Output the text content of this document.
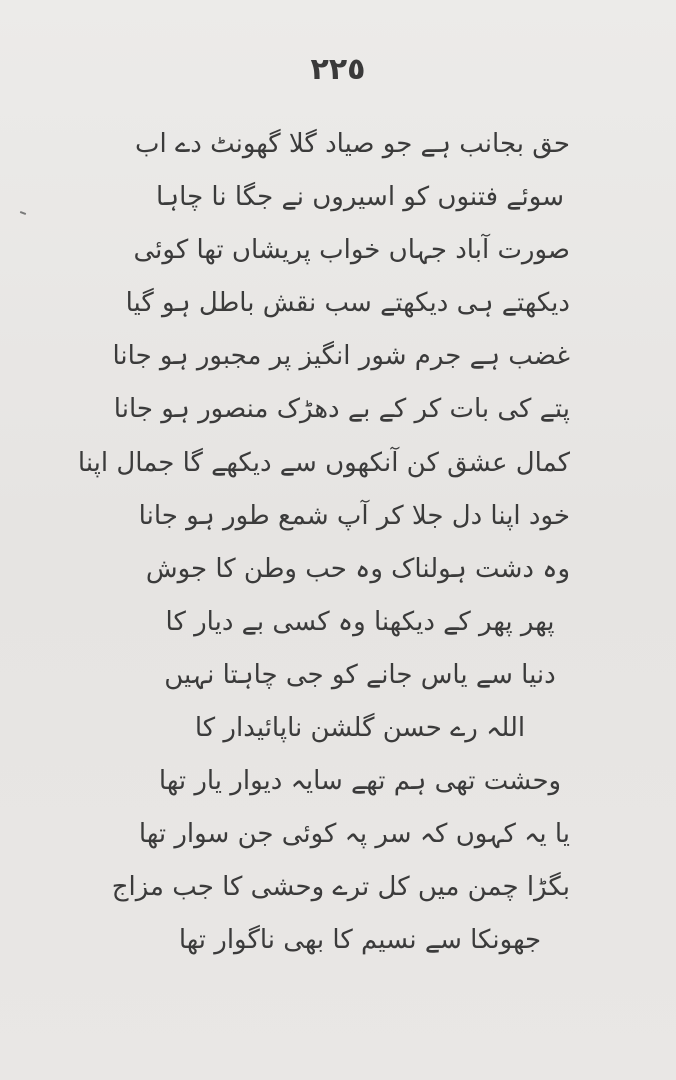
٢٢٥
حق بجانب ہے جو صیاد گلا گھونٹ دے اب
سوئے فتنوں کو اسیروں نے جگا نا چاہا
صورت آباد جہاں خواب پریشاں تھا کوئی
دیکھتے ہی دیکھتے سب نقش باطل ہو گیا
غضب ہے جرم شور انگیز پر مجبور ہو جانا
پتے کی بات کر کے بے دھڑک منصور ہو جانا
کمال عشق کن آنکھوں سے دیکھے گا جمال اپنا
خود اپنا دل جلا کر آپ شمع طور ہو جانا
وہ دشت ہولناک وہ حب وطن کا جوش
پھر پھر کے دیکھنا وہ کسی بے دیار کا
دنیا سے یاس جانے کو جی چاہتا نہیں
اللہ رے حسن گلشن ناپائیدار کا
وحشت تھی ہم تھے سایہ دیوار یار تھا
یا یہ کہوں کہ سر پہ کوئی جن سوار تھا
بگڑا چمن میں کل ترے وحشی کا جب مزاج
جھونکا سے نسیم کا بھی ناگوار تھا
